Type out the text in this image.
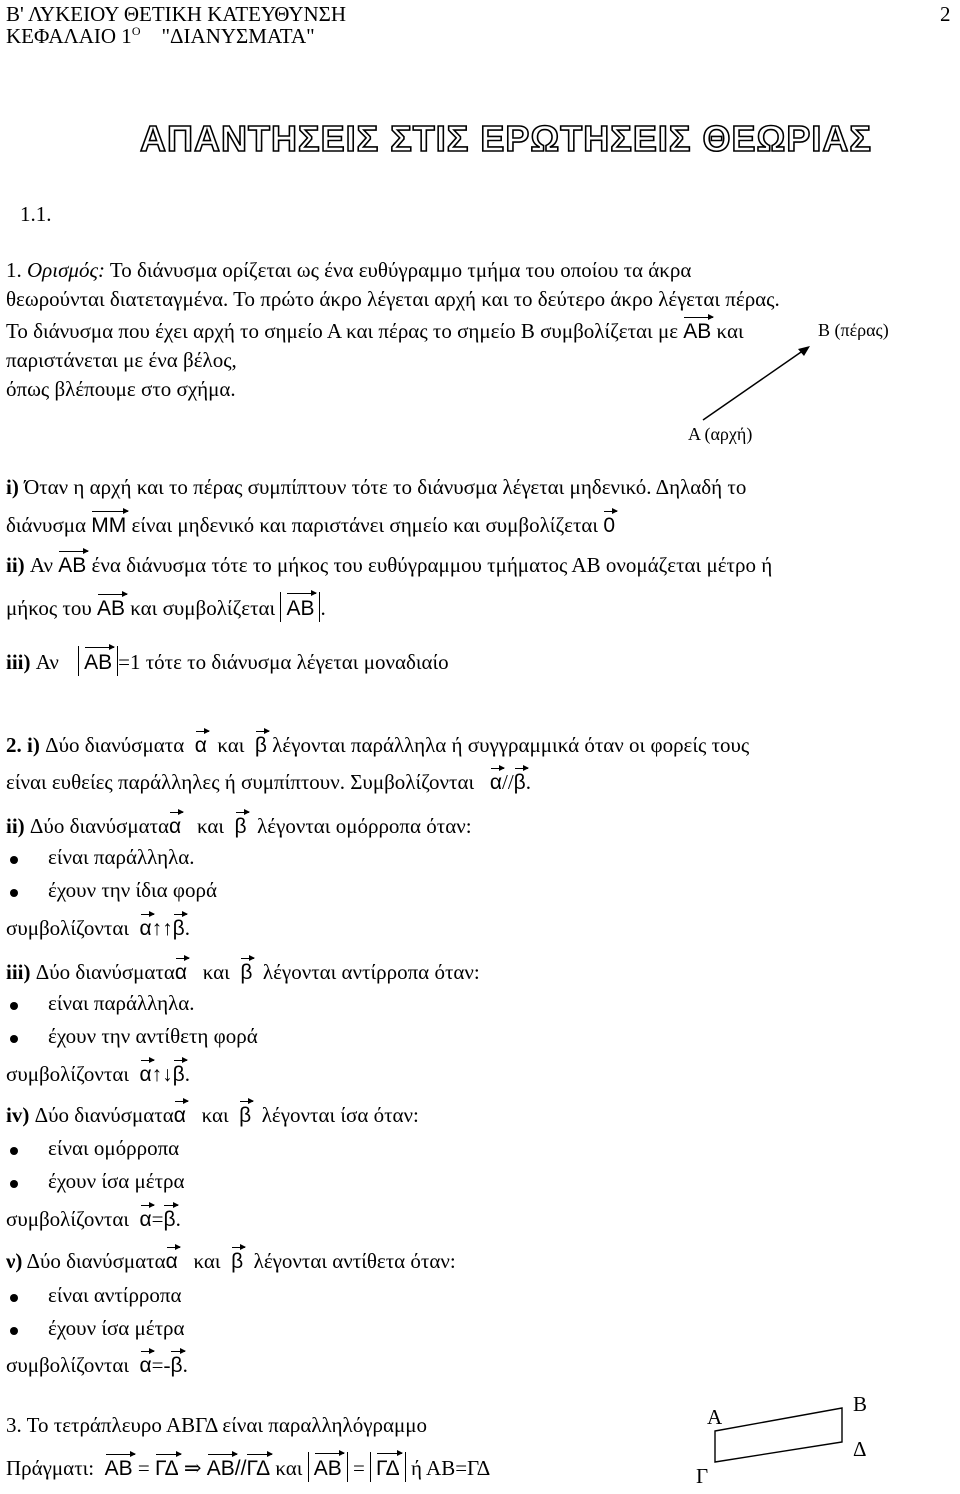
Β' ΛΥΚΕΙΟΥ ΘΕΤΙΚΗ ΚΑΤΕΥΘΥΝΣΗ	2
ΚΕΦΑΛΑΙΟ $1^O$ "ΔΙΑΝΥΣΜΑΤΑ"
ΑΠΑΝΤΗΣΕΙΣ ΣΤΙΣ ΕΡΩΤΗΣΕΙΣ ΘΕΩΡΙΑΣ
1.1.
1. Ορισμός: Το διάνυσμα ορίζεται ως ένα ευθύγραμμο τμήμα του οποίου τα άκρα
θεωρούνται διατεταγμένα. Το πρώτο άκρο λέγεται αρχή και το δεύτερο άκρο λέγεται πέρας.
Το διάνυσμα που έχει αρχή το σημείο Α και πέρας το σημείο Β συμβολίζεται με ΑΒ και
παριστάνεται με ένα βέλος,
όπως βλέπουμε στο σχήμα.
Β (πέρας)
Α (αρχή)
i) Όταν η αρχή και το πέρας συμπίπτουν τότε το διάνυσμα λέγεται μηδενικό. Δηλαδή το
διάνυσμα ΜΜ είναι μηδενικό και παριστάνει σημείο και συμβολίζεται 0
ii) Αν ΑΒ ένα διάνυσμα τότε το μήκος του ευθύγραμμου τμήματος ΑΒ ονομάζεται μέτρο ή
μήκος του ΑΒ και συμβολίζεται ΑΒ .
iii) Αν ΑΒ =1 τότε το διάνυσμα λέγεται μοναδιαίο
2. i) Δύο διανύσματα α και β λέγονται παράλληλα ή συγγραμμικά όταν οι φορείς τους
είναι ευθείες παράλληλες ή συμπίπτουν. Συμβολίζονται α//β.
ii) Δύο διανύσματαα και β λέγονται ομόρροπα όταν:
είναι παράλληλα.
έχουν την ίδια φορά
συμβολίζονται α↑↑β.
iii) Δύο διανύσματαα και β λέγονται αντίρροπα όταν:
είναι παράλληλα.
έχουν την αντίθετη φορά
συμβολίζονται α↑↓β.
iv) Δύο διανύσματαα και β λέγονται ίσα όταν:
είναι ομόρροπα
έχουν ίσα μέτρα
συμβολίζονται α=β.
ν) Δύο διανύσματαα και β λέγονται αντίθετα όταν:
είναι αντίρροπα
έχουν ίσα μέτρα
συμβολίζονται α=-β.
3. Το τετράπλευρο ΑΒΓΔ είναι παραλληλόγραμμο
Πράγματι: ΑΒ = ΓΔ ⇒ ΑΒ//ΓΔ και ΑΒ = ΓΔ ή ΑΒ=ΓΔ
Α
Β
Γ
Δ
